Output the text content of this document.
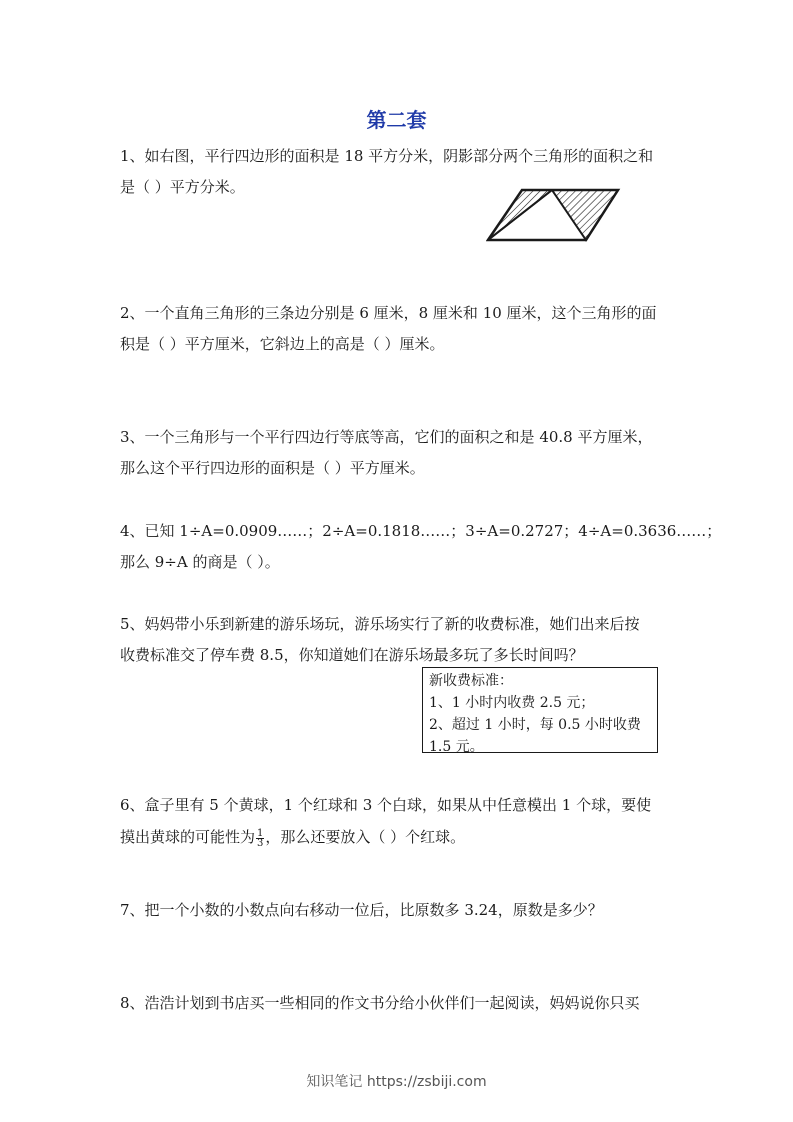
第二套
1、如右图，平行四边形的面积是 18 平方分米，阴影部分两个三角形的面积之和
是（ ）平方分米。
2、一个直角三角形的三条边分别是 6 厘米，8 厘米和 10 厘米，这个三角形的面
积是（ ）平方厘米，它斜边上的高是（ ）厘米。
3、一个三角形与一个平行四边行等底等高，它们的面积之和是 40.8 平方厘米，
那么这个平行四边形的面积是（ ）平方厘米。
4、已知 1÷A=0.0909……；2÷A=0.1818……；3÷A=0.2727；4÷A=0.3636……；
那么 9÷A 的商是（ ）。
5、妈妈带小乐到新建的游乐场玩，游乐场实行了新的收费标准，她们出来后按
收费标准交了停车费 8.5，你知道她们在游乐场最多玩了多长时间吗？
新收费标准：
1、1 小时内收费 2.5 元；
2、超过 1 小时，每 0.5 小时收费
1.5 元。
6、盒子里有 5 个黄球，1 个红球和 3 个白球，如果从中任意模出 1 个球，要使
摸出黄球的可能性为 $\frac{1}{3}$ ，那么还要放入（ ）个红球。
7、把一个小数的小数点向右移动一位后，比原数多 3.24，原数是多少？
8、浩浩计划到书店买一些相同的作文书分给小伙伴们一起阅读，妈妈说你只买
知识笔记 https://zsbiji.com
